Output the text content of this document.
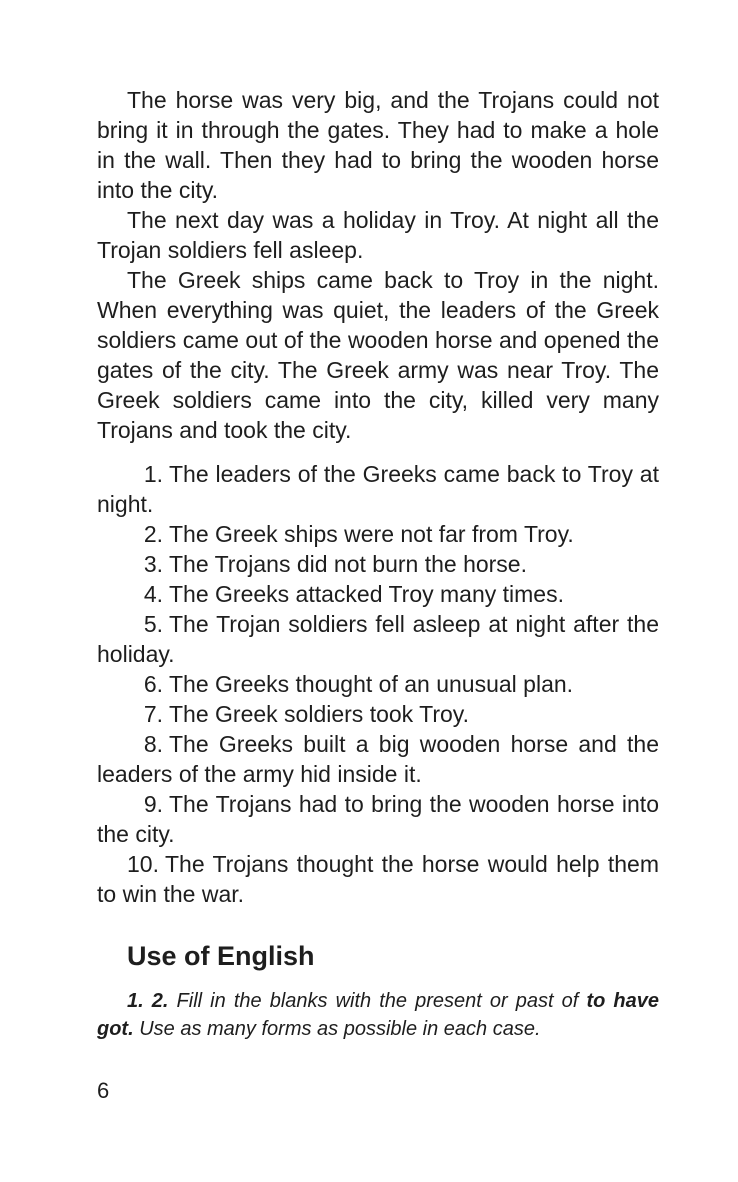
The horse was very big, and the Trojans could not bring it in through the gates. They had to make a hole in the wall. Then they had to bring the wooden horse into the city.

The next day was a holiday in Troy. At night all the Trojan soldiers fell asleep.

The Greek ships came back to Troy in the night. When everything was quiet, the leaders of the Greek soldiers came out of the wooden horse and opened the gates of the city. The Greek army was near Troy. The Greek soldiers came into the city, killed very many Trojans and took the city.

1. The leaders of the Greeks came back to Troy at night.

2. The Greek ships were not far from Troy.

3. The Trojans did not burn the horse.

4. The Greeks attacked Troy many times.

5. The Trojan soldiers fell asleep at night after the holiday.

6. The Greeks thought of an unusual plan.

7. The Greek soldiers took Troy.

8. The Greeks built a big wooden horse and the leaders of the army hid inside it.

9. The Trojans had to bring the wooden horse into the city.

10. The Trojans thought the horse would help them to win the war.

Use of English

1. 2. Fill in the blanks with the present or past of to have got. Use as many forms as possible in each case.

6
